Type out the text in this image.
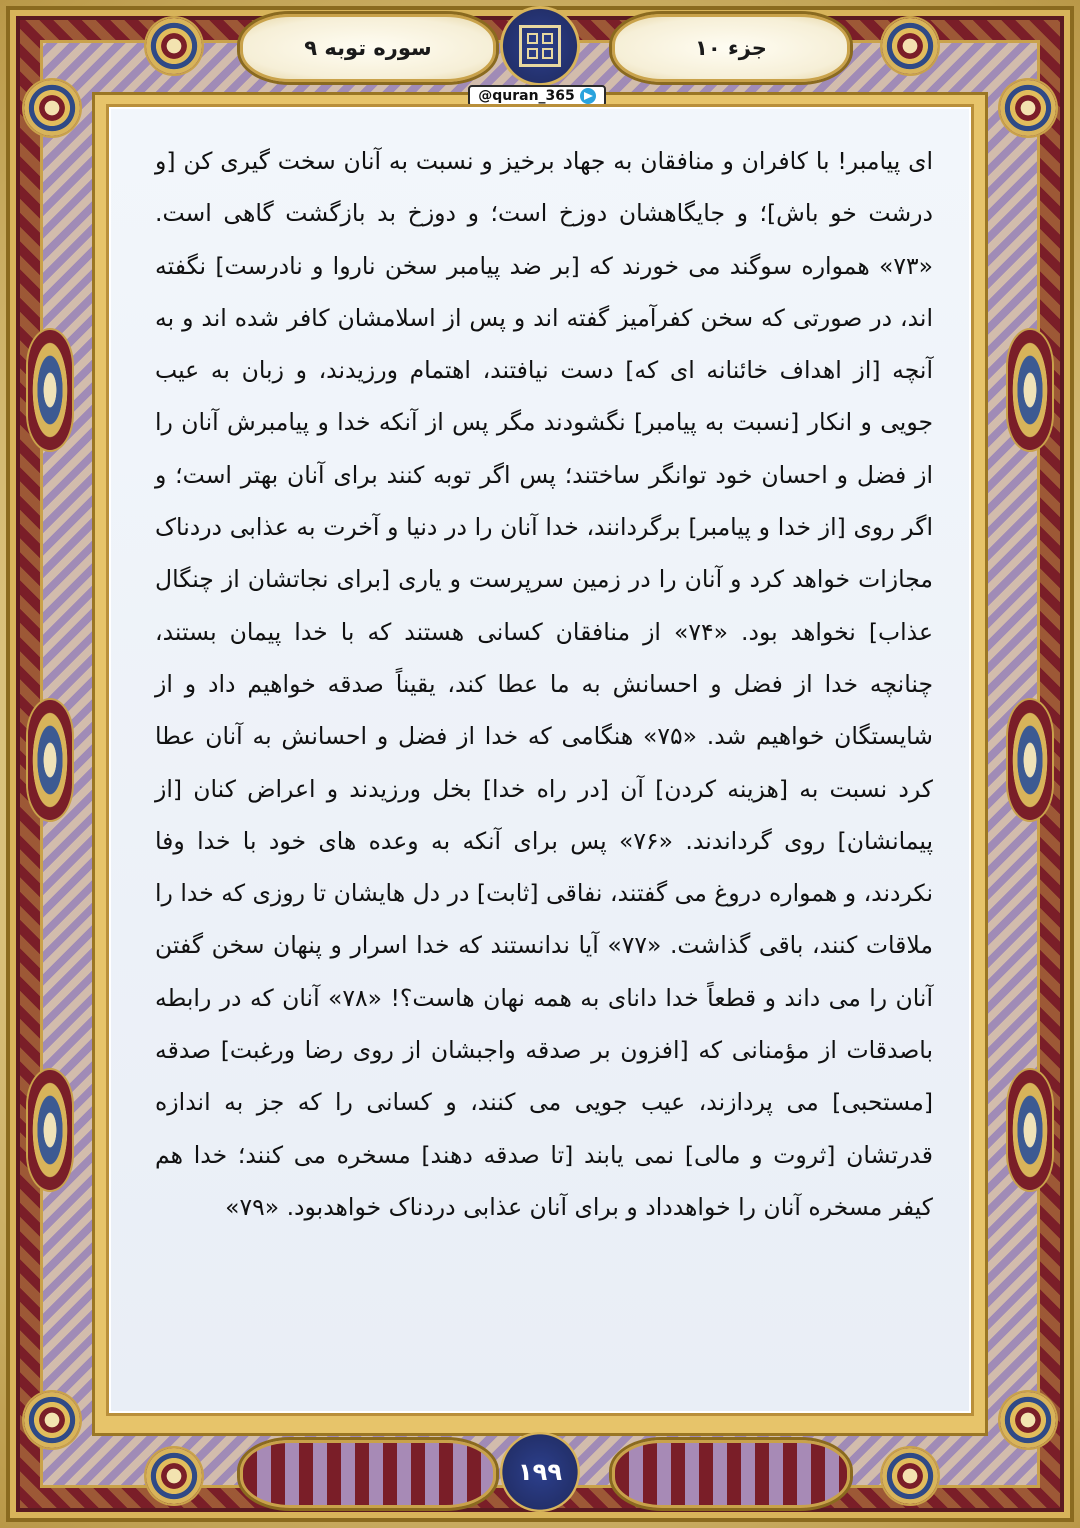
سوره توبه ۹	جزء ۱۰
@quran_365

ای پیامبر! با کافران و منافقان به جهاد برخیز و نسبت به آنان سخت گیری کن [و درشت خو باش]؛ و جایگاهشان دوزخ است؛ و دوزخ بد بازگشت گاهی است. «۷۳» همواره سوگند می خورند که [بر ضد پیامبر سخن ناروا و نادرست] نگفته اند، در صورتی که سخن کفرآمیز گفته اند و پس از اسلامشان کافر شده اند و به آنچه [از اهداف خائنانه ای که] دست نیافتند، اهتمام ورزیدند، و زبان به عیب جویی و انکار [نسبت به پیامبر] نگشودند مگر پس از آنکه خدا و پیامبرش آنان را از فضل و احسان خود توانگر ساختند؛ پس اگر توبه کنند برای آنان بهتر است؛ و اگر روی [از خدا و پیامبر] برگردانند، خدا آنان را در دنیا و آخرت به عذابی دردناک مجازات خواهد کرد و آنان را در زمین سرپرست و یاری [برای نجاتشان از چنگال عذاب] نخواهد بود. «۷۴» از منافقان کسانی هستند که با خدا پیمان بستند، چنانچه خدا از فضل و احسانش به ما عطا کند، یقیناً صدقه خواهیم داد و از شایستگان خواهیم شد. «۷۵» هنگامی که خدا از فضل و احسانش به آنان عطا کرد نسبت به [هزینه کردن] آن [در راه خدا] بخل ورزیدند و اعراض کنان [از پیمانشان] روی گرداندند. «۷۶» پس برای آنکه به وعده های خود با خدا وفا نکردند، و همواره دروغ می گفتند، نفاقی [ثابت] در دل هایشان تا روزی که خدا را ملاقات کنند، باقی گذاشت. «۷۷» آیا ندانستند که خدا اسرار و پنهان سخن گفتن آنان را می داند و قطعاً خدا دانای به همه نهان هاست؟! «۷۸» آنان که در رابطه باصدقات از مؤمنانی که [افزون بر صدقه واجبشان از روی رضا ورغبت] صدقه [مستحبی] می پردازند، عیب جویی می کنند، و کسانی را که جز به اندازه قدرتشان [ثروت و مالی] نمی یابند [تا صدقه دهند] مسخره می کنند؛ خدا هم کیفر مسخره آنان را خواهدداد و برای آنان عذابی دردناک خواهدبود. «۷۹»

۱۹۹
